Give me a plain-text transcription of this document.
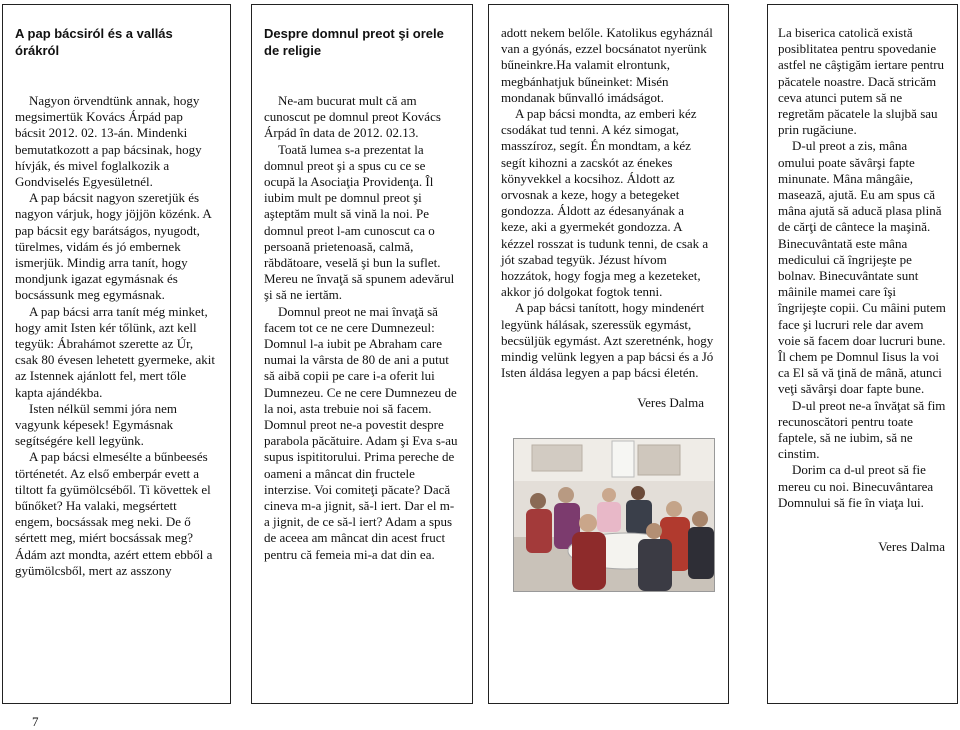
A pap bácsiról és a vallás órákról

Nagyon örvendtünk annak, hogy megsimertük Kovács Árpád pap bácsit 2012. 02. 13-án. Mindenki bemutatkozott a pap bácsinak, hogy hívják, és mivel foglalkozik a Gondviselés Egyesületnél.

A pap bácsit nagyon szeretjük és nagyon várjuk, hogy jöjjön közénk. A pap bácsit egy barátságos, nyugodt, türelmes, vidám és jó embernek ismerjük. Mindig arra tanít, hogy mondjunk igazat egymásnak és bocsássunk meg egymásnak.

A pap bácsi arra tanít még minket, hogy amit Isten kér tőlünk, azt kell tegyük: Ábrahámot szerette az Úr, csak 80 évesen lehetett gyermeke, akit az Istennek ajánlott fel, mert tőle kapta ajándékba.

Isten nélkül semmi jóra nem vagyunk képesek! Egymásnak segítségére kell legyünk.

A pap bácsi elmesélte a bűnbeesés történetét. Az első emberpár evett a tiltott fa gyümölcséből. Ti követtek el bűnőket? Ha valaki, megsértett engem, bocsássak meg neki. De ő sértett meg, miért bocsássak meg? Ádám azt mondta, azért ettem ebből a gyümölcsből, mert az asszony

Despre domnul preot şi orele de religie

Ne-am bucurat mult că am cunoscut pe domnul preot Kovács Árpád în data de 2012. 02.13.

Toată lumea s-a prezentat la domnul preot şi a spus cu ce se ocupă la Asociaţia Providenţa. Îl iubim mult pe domnul preot şi aşteptăm mult să vină la noi. Pe domnul preot l-am cunoscut ca o persoană prietenoasă, calmă, răbdătoare, veselă şi bun la suflet. Mereu ne învaţă să spunem adevărul şi să ne iertăm.

Domnul preot ne mai învaţă să facem tot ce ne cere Dumnezeul: Domnul l-a iubit pe Abraham care numai la vârsta de 80 de ani a putut să aibă copii pe care i-a oferit lui Dumnezeu. Ce ne cere Dumnezeu de la noi, asta trebuie noi să facem. Domnul preot ne-a povestit despre parabola păcătuire. Adam şi Eva s-au supus ispititorului. Prima pereche de oameni a mâncat din fructele interzise. Voi comiteţi păcate? Dacă cineva m-a jignit, să-l iert. Dar el m-a jignit, de ce să-l iert? Adam a spus de aceea am mâncat din acest fruct pentru că femeia mi-a dat din ea.

adott nekem belőle. Katolikus egyháznál van a gyónás, ezzel bocsánatot nyerünk bűneinkre.Ha valamit elrontunk, megbánhatjuk bűneinket: Misén mondanak bűnvalló imádságot.

A pap bácsi mondta, az emberi kéz csodákat tud tenni. A kéz simogat, masszíroz, segít. Én mondtam, a kéz segít kihozni a zacskót az énekes könyvekkel a kocsihoz. Áldott az orvosnak a keze, hogy a betegeket gondozza. Áldott az édesanyának a keze, aki a gyermekét gondozza. A kézzel rosszat is tudunk tenni, de csak a jót szabad tegyük. Jézust hívom hozzátok, hogy fogja meg a kezeteket, akkor jó dolgokat fogtok tenni.

A pap bácsi tanított, hogy mindenért legyünk hálásak, szeressük egymást, becsüljük egymást. Azt szeretnénk, hogy mindig velünk legyen a pap bácsi és a Jó Isten áldása legyen a pap bácsi életén.

Veres Dalma

La biserica catolică există posiblitatea pentru spovedanie astfel ne câştigăm iertare pentru păcatele noastre. Dacă stricăm ceva atunci putem să ne regretăm păcatele la slujbă sau prin rugăciune.

D-ul preot a zis, mâna omului poate săvârşi fapte minunate. Mâna mângâie, masează, ajută. Eu am spus că mâna ajută să aducă plasa plină de cărţi de cântece la maşină. Binecuvântată este mâna medicului că îngrijeşte pe bolnav. Binecuvântate sunt mâinile mamei care îşi îngrijeşte copii. Cu mâini putem face şi lucruri rele dar avem voie să facem doar lucruri bune. Îl chem pe Domnul Iisus la voi ca El să vă ţină de mână, atunci veţi săvârşi doar fapte bune.

D-ul preot ne-a învăţat să fim recunoscători pentru toate faptele, să ne iubim, să ne cinstim.

Dorim ca d-ul preot să fie mereu cu noi. Binecuvântarea Domnului să fie în viaţa lui.

Veres Dalma

7
